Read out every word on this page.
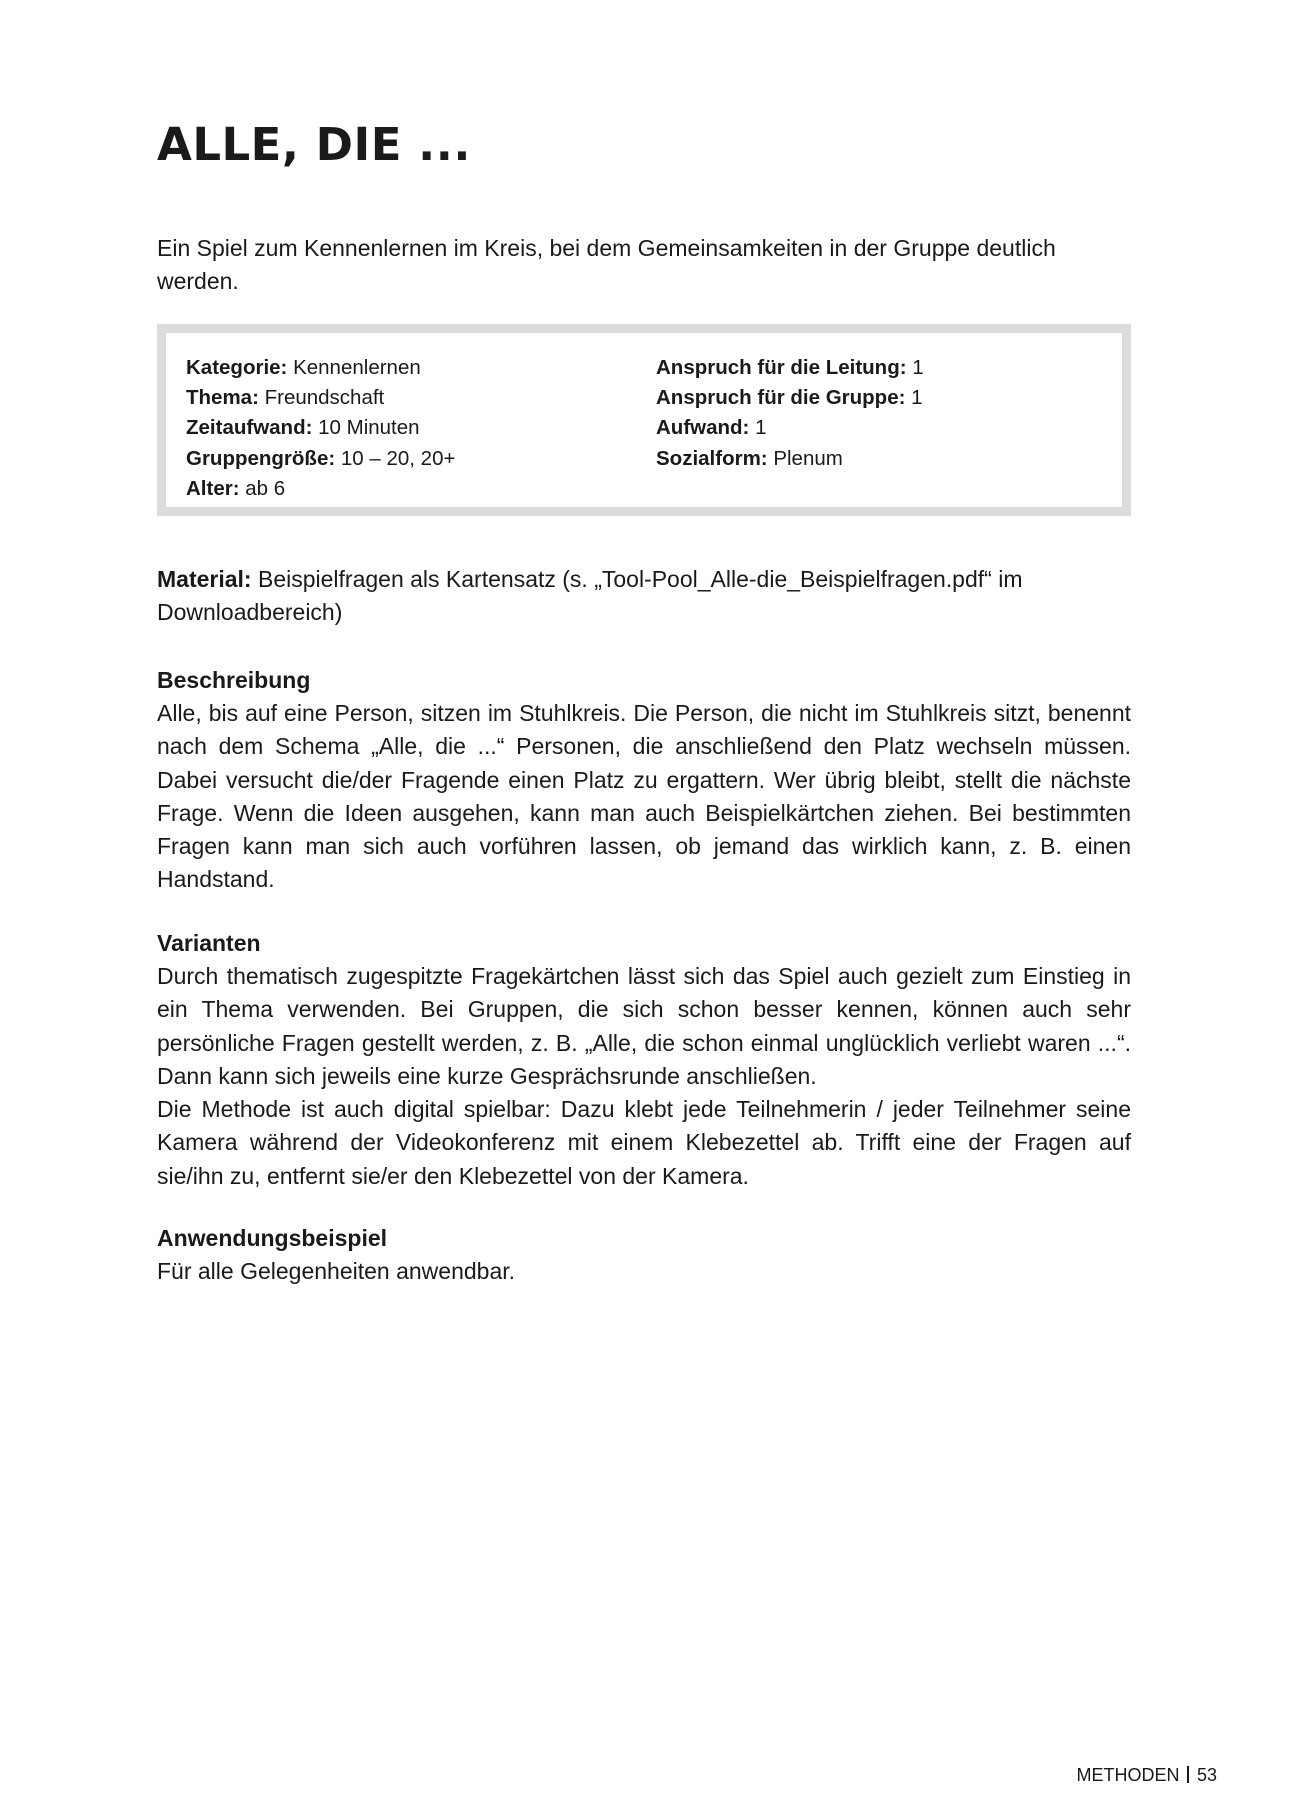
ALLE, DIE ...

Ein Spiel zum Kennenlernen im Kreis, bei dem Gemeinsamkeiten in der Gruppe deutlich werden.

Kategorie: Kennenlernen
Thema: Freundschaft
Zeitaufwand: 10 Minuten
Gruppengröße: 10 – 20, 20+
Alter: ab 6
Anspruch für die Leitung: 1
Anspruch für die Gruppe: 1
Aufwand: 1
Sozialform: Plenum

Material: Beispielfragen als Kartensatz (s. „Tool-Pool_Alle-die_Beispielfragen.pdf“ im Downloadbereich)

Beschreibung

Alle, bis auf eine Person, sitzen im Stuhlkreis. Die Person, die nicht im Stuhlkreis sitzt, benennt nach dem Schema „Alle, die ...“ Personen, die anschließend den Platz wechseln müssen. Dabei versucht die/der Fragende einen Platz zu ergattern. Wer übrig bleibt, stellt die nächste Frage. Wenn die Ideen ausgehen, kann man auch Beispielkärtchen ziehen. Bei bestimmten Fragen kann man sich auch vorführen lassen, ob jemand das wirklich kann, z. B. einen Handstand.

Varianten

Durch thematisch zugespitzte Fragekärtchen lässt sich das Spiel auch gezielt zum Einstieg in ein Thema verwenden. Bei Gruppen, die sich schon besser kennen, können auch sehr persönliche Fragen gestellt werden, z. B. „Alle, die schon einmal unglücklich verliebt waren ...“. Dann kann sich jeweils eine kurze Gesprächsrunde anschließen.

Die Methode ist auch digital spielbar: Dazu klebt jede Teilnehmerin / jeder Teilnehmer seine Kamera während der Videokonferenz mit einem Klebezettel ab. Trifft eine der Fragen auf sie/ihn zu, entfernt sie/er den Klebezettel von der Kamera.

Anwendungsbeispiel

Für alle Gelegenheiten anwendbar.

METHODEN 53
